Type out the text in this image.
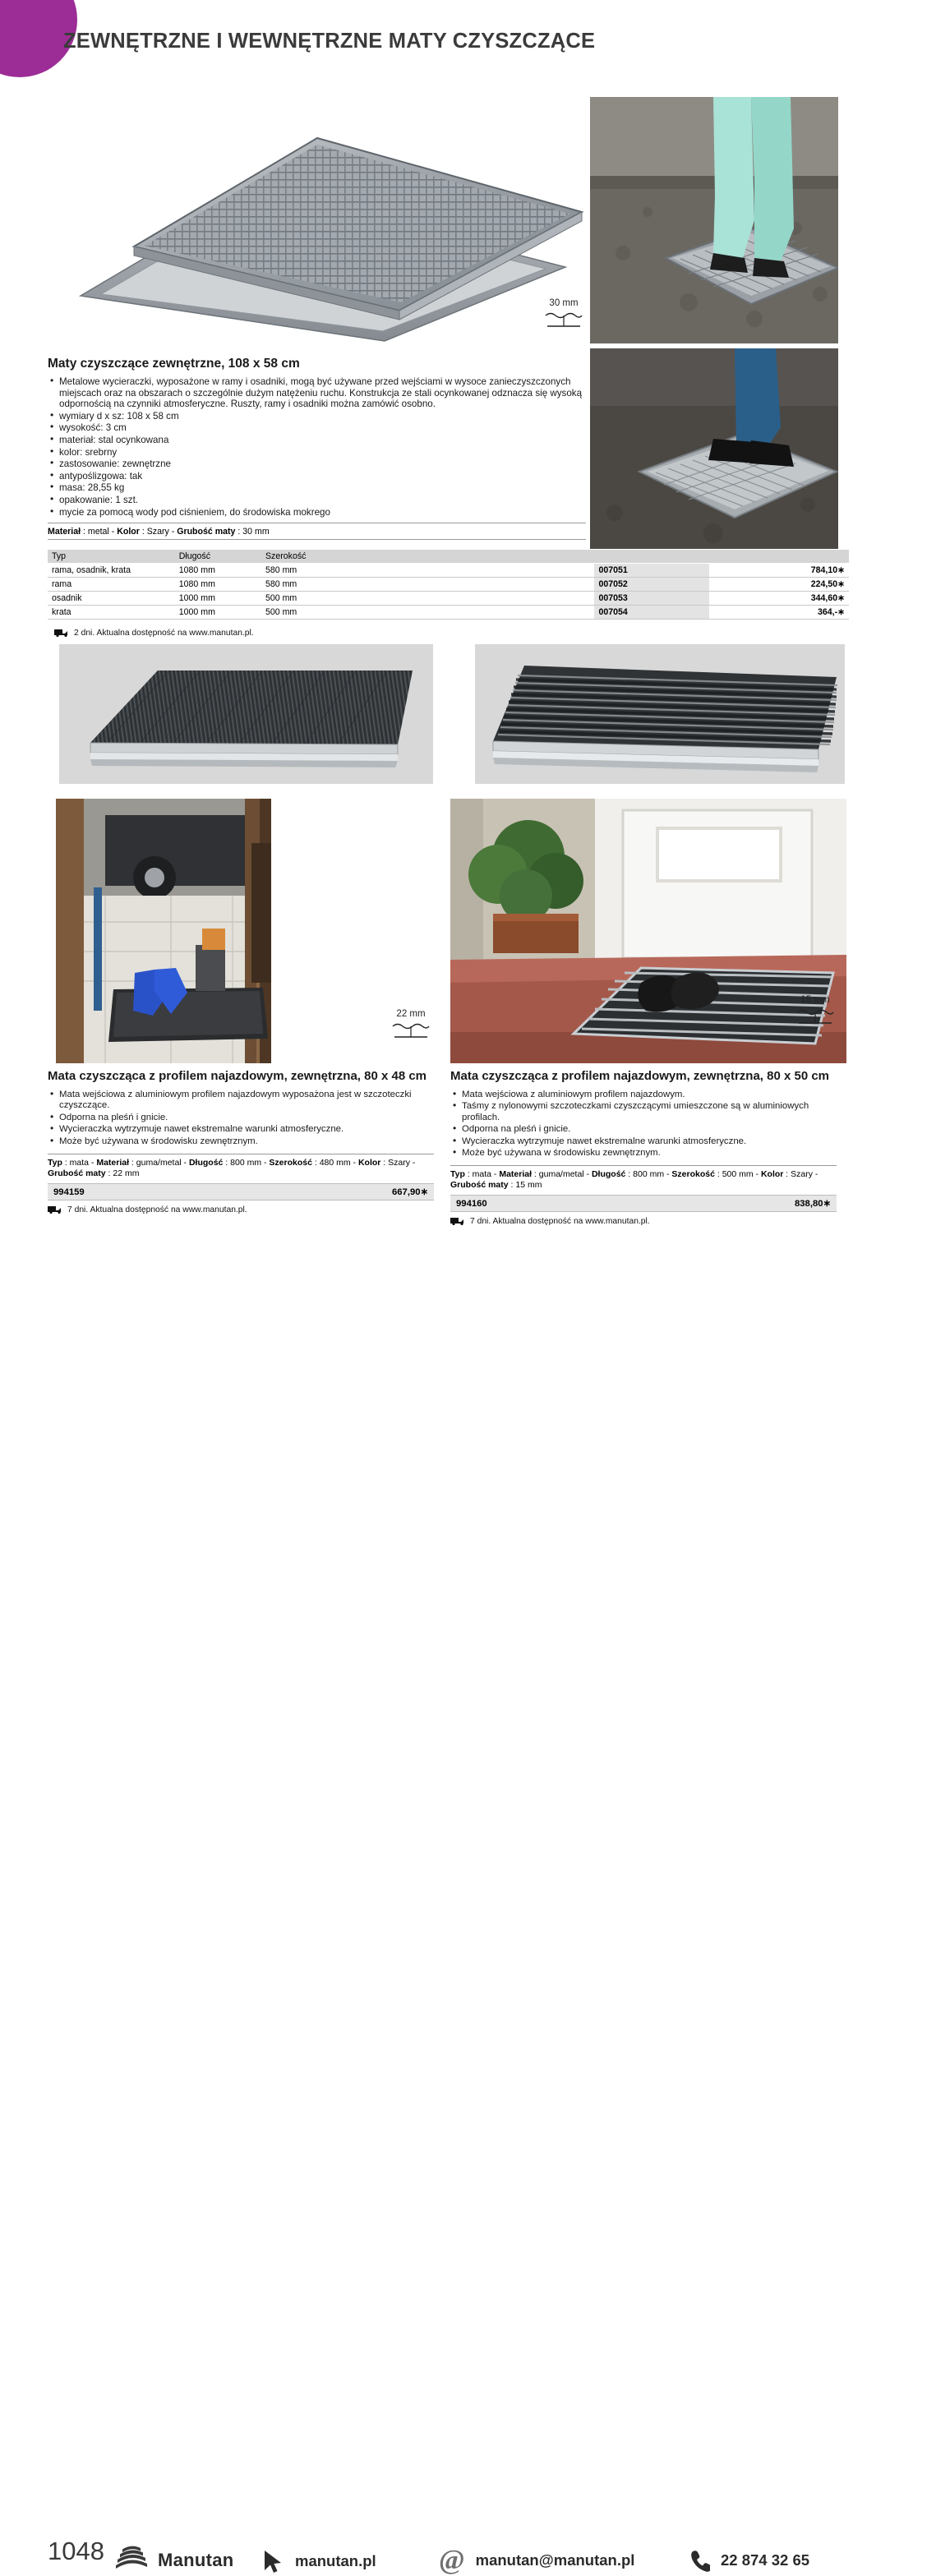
ZEWNĘTRZNE I WEWNĘTRZNE MATY CZYSZCZĄCE
30 mm
Maty czyszczące zewnętrzne, 108 x 58 cm
• Metalowe wycieraczki, wyposażone w ramy i osadniki, mogą być używane przed wejściami w wysoce zanieczyszczonych miejscach oraz na obszarach o szczególnie dużym natężeniu ruchu. Konstrukcja ze stali ocynkowanej odznacza się wysoką odpornością na czynniki atmosferyczne. Ruszty, ramy i osadniki można zamówić osobno.
• wymiary d x sz: 108 x 58 cm
• wysokość: 3 cm
• materiał: stal ocynkowana
• kolor: srebrny
• zastosowanie: zewnętrzne
• antypoślizgowa: tak
• masa: 28,55 kg
• opakowanie: 1 szt.
• mycie za pomocą wody pod ciśnieniem, do środowiska mokrego
Materiał : metal - Kolor : Szary - Grubość maty : 30 mm
Typ	Długość	Szerokość		
rama, osadnik, krata	1080 mm	580 mm	007051	784,10∗
rama	1080 mm	580 mm	007052	224,50∗
osadnik	1000 mm	500 mm	007053	344,60∗
krata	1000 mm	500 mm	007054	364,-∗
2 dni. Aktualna dostępność na www.manutan.pl.
22 mm
15 mm
Mata czyszcząca z profilem najazdowym, zewnętrzna, 80 x 48 cm
• Mata wejściowa z aluminiowym profilem najazdowym wyposażona jest w szczoteczki czyszczące.
• Odporna na pleśń i gnicie.
• Wycieraczka wytrzymuje nawet ekstremalne warunki atmosferyczne.
• Może być używana w środowisku zewnętrznym.
Typ : mata - Materiał : guma/metal - Długość : 800 mm - Szerokość : 480 mm - Kolor : Szary - Grubość maty : 22 mm
994159	667,90∗
7 dni. Aktualna dostępność na www.manutan.pl.
Mata czyszcząca z profilem najazdowym, zewnętrzna, 80 x 50 cm
• Mata wejściowa z aluminiowym profilem najazdowym.
• Taśmy z nylonowymi szczoteczkami czyszczącymi umieszczone są w aluminiowych profilach.
• Odporna na pleśń i gnicie.
• Wycieraczka wytrzymuje nawet ekstremalne warunki atmosferyczne.
• Może być używana w środowisku zewnętrznym.
Typ : mata - Materiał : guma/metal - Długość : 800 mm - Szerokość : 500 mm - Kolor : Szary - Grubość maty : 15 mm
994160	838,80∗
7 dni. Aktualna dostępność na www.manutan.pl.
1048	Manutan	manutan.pl @ manutan@manutan.pl	22 874 32 65
